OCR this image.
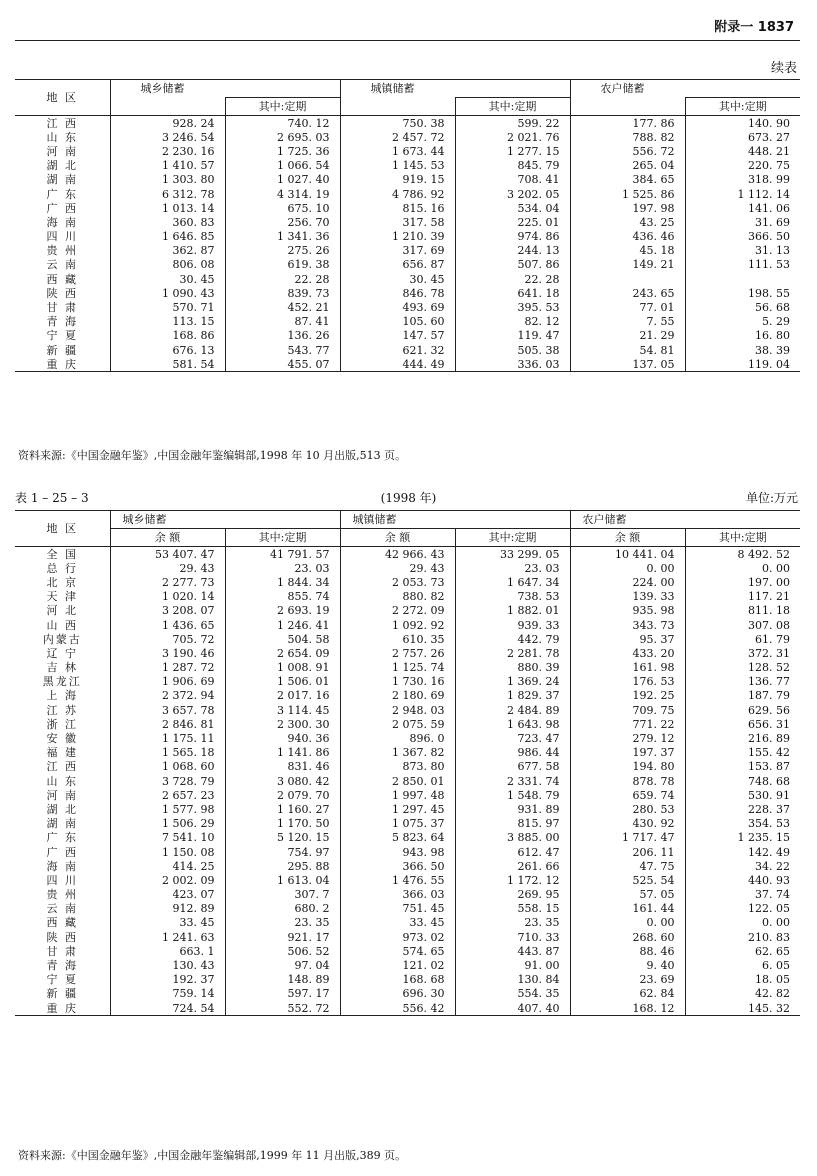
附录一 1837
续表
地 区	城乡储蓄		城镇储蓄		农户储蓄	
		其中:定期		其中:定期		其中:定期
江 西	928. 24	740. 12	750. 38	599. 22	177. 86	140. 90
山 东	3 246. 54	2 695. 03	2 457. 72	2 021. 76	788. 82	673. 27
河 南	2 230. 16	1 725. 36	1 673. 44	1 277. 15	556. 72	448. 21
湖 北	1 410. 57	1 066. 54	1 145. 53	845. 79	265. 04	220. 75
湖 南	1 303. 80	1 027. 40	919. 15	708. 41	384. 65	318. 99
广 东	6 312. 78	4 314. 19	4 786. 92	3 202. 05	1 525. 86	1 112. 14
广 西	1 013. 14	675. 10	815. 16	534. 04	197. 98	141. 06
海 南	360. 83	256. 70	317. 58	225. 01	43. 25	31. 69
四 川	1 646. 85	1 341. 36	1 210. 39	974. 86	436. 46	366. 50
贵 州	362. 87	275. 26	317. 69	244. 13	45. 18	31. 13
云 南	806. 08	619. 38	656. 87	507. 86	149. 21	111. 53
西 藏	30. 45	22. 28	30. 45	22. 28		
陕 西	1 090. 43	839. 73	846. 78	641. 18	243. 65	198. 55
甘 肃	570. 71	452. 21	493. 69	395. 53	77. 01	56. 68
青 海	113. 15	87. 41	105. 60	82. 12	7. 55	5. 29
宁 夏	168. 86	136. 26	147. 57	119. 47	21. 29	16. 80
新 疆	676. 13	543. 77	621. 32	505. 38	54. 81	38. 39
重 庆	581. 54	455. 07	444. 49	336. 03	137. 05	119. 04
资料来源:《中国金融年鉴》,中国金融年鉴编辑部,1998 年 10 月出版,513 页。
表 1 – 25 – 3	(1998 年)	单位:万元
地 区	城乡储蓄		城镇储蓄		农户储蓄	
	余 额	其中:定期	余 额	其中:定期	余 额	其中:定期
全 国	53 407. 47	41 791. 57	42 966. 43	33 299. 05	10 441. 04	8 492. 52
总 行	29. 43	23. 03	29. 43	23. 03	0. 00	0. 00
北 京	2 277. 73	1 844. 34	2 053. 73	1 647. 34	224. 00	197. 00
天 津	1 020. 14	855. 74	880. 82	738. 53	139. 33	117. 21
河 北	3 208. 07	2 693. 19	2 272. 09	1 882. 01	935. 98	811. 18
山 西	1 436. 65	1 246. 41	1 092. 92	939. 33	343. 73	307. 08
内蒙古	705. 72	504. 58	610. 35	442. 79	95. 37	61. 79
辽 宁	3 190. 46	2 654. 09	2 757. 26	2 281. 78	433. 20	372. 31
吉 林	1 287. 72	1 008. 91	1 125. 74	880. 39	161. 98	128. 52
黑龙江	1 906. 69	1 506. 01	1 730. 16	1 369. 24	176. 53	136. 77
上 海	2 372. 94	2 017. 16	2 180. 69	1 829. 37	192. 25	187. 79
江 苏	3 657. 78	3 114. 45	2 948. 03	2 484. 89	709. 75	629. 56
浙 江	2 846. 81	2 300. 30	2 075. 59	1 643. 98	771. 22	656. 31
安 徽	1 175. 11	940. 36	896. 0	723. 47	279. 12	216. 89
福 建	1 565. 18	1 141. 86	1 367. 82	986. 44	197. 37	155. 42
江 西	1 068. 60	831. 46	873. 80	677. 58	194. 80	153. 87
山 东	3 728. 79	3 080. 42	2 850. 01	2 331. 74	878. 78	748. 68
河 南	2 657. 23	2 079. 70	1 997. 48	1 548. 79	659. 74	530. 91
湖 北	1 577. 98	1 160. 27	1 297. 45	931. 89	280. 53	228. 37
湖 南	1 506. 29	1 170. 50	1 075. 37	815. 97	430. 92	354. 53
广 东	7 541. 10	5 120. 15	5 823. 64	3 885. 00	1 717. 47	1 235. 15
广 西	1 150. 08	754. 97	943. 98	612. 47	206. 11	142. 49
海 南	414. 25	295. 88	366. 50	261. 66	47. 75	34. 22
四 川	2 002. 09	1 613. 04	1 476. 55	1 172. 12	525. 54	440. 93
贵 州	423. 07	307. 7	366. 03	269. 95	57. 05	37. 74
云 南	912. 89	680. 2	751. 45	558. 15	161. 44	122. 05
西 藏	33. 45	23. 35	33. 45	23. 35	0. 00	0. 00
陕 西	1 241. 63	921. 17	973. 02	710. 33	268. 60	210. 83
甘 肃	663. 1	506. 52	574. 65	443. 87	88. 46	62. 65
青 海	130. 43	97. 04	121. 02	91. 00	9. 40	6. 05
宁 夏	192. 37	148. 89	168. 68	130. 84	23. 69	18. 05
新 疆	759. 14	597. 17	696. 30	554. 35	62. 84	42. 82
重 庆	724. 54	552. 72	556. 42	407. 40	168. 12	145. 32
资料来源:《中国金融年鉴》,中国金融年鉴编辑部,1999 年 11 月出版,389 页。
